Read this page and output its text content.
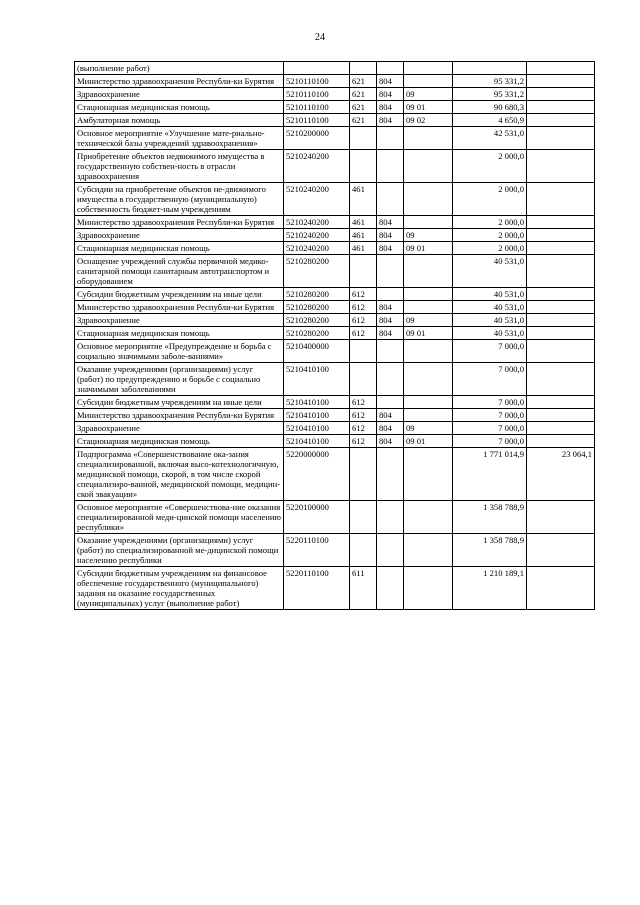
24
(выполнение работ)						
Министерство здравоохранения Республи-ки Бурятия	5210110100	621	804		95 331,2	
Здравоохранение	5210110100	621	804	09	95 331,2	
Стационарная медицинская помощь	5210110100	621	804	09 01	90 680,3	
Амбулаторная помощь	5210110100	621	804	09 02	4 650,9	
Основное мероприятие «Улучшение мате-риально-технической базы учреждений здравоохранения»	5210200000				42 531,0	
Приобретение объектов недвижимого имущества в государственную собствен-ность в отрасли здравоохранения	5210240200				2 000,0	
Субсидии на приобретение объектов не-движимого имущества в государственную (муниципальную) собственность бюджет-ным учреждениям	5210240200	461			2 000,0	
Министерство здравоохранения Республи-ки Бурятия	5210240200	461	804		2 000,0	
Здравоохранение	5210240200	461	804	09	2 000,0	
Стационарная медицинская помощь	5210240200	461	804	09 01	2 000,0	
Оснащение учреждений службы первичной медико-санитарной помощи санитарным автотранспортом и оборудованием	5210280200				40 531,0	
Субсидии бюджетным учреждениям на иные цели	5210280200	612			40 531,0	
Министерство здравоохранения Республи-ки Бурятия	5210280200	612	804		40 531,0	
Здравоохранение	5210280200	612	804	09	40 531,0	
Стационарная медицинская помощь	5210280200	612	804	09 01	40 531,0	
Основное мероприятие «Предупреждение и борьба с социально значимыми заболе-ваниями»	5210400000				7 000,0	
Оказание учреждениями (организациями) услуг (работ) по предупреждению и борьбе с социально значимыми заболеваниями	5210410100				7 000,0	
Субсидии бюджетным учреждениям на иные цели	5210410100	612			7 000,0	
Министерство здравоохранения Республи-ки Бурятия	5210410100	612	804		7 000,0	
Здравоохранение	5210410100	612	804	09	7 000,0	
Стационарная медицинская помощь	5210410100	612	804	09 01	7 000,0	
Подпрограмма «Совершенствование ока-зания специализированной, включая высо-котехнологичную, медицинской помощи, скорой, в том числе скорой специализиро-ванной, медицинской помощи, медицин-ской эвакуации»	5220000000				1 771 014,9	23 064,1
Основное мероприятие «Совершенствова-ние оказания специализированной меди-цинской помощи населению республики»	5220100000				1 358 788,9	
Оказание учреждениями (организациями) услуг (работ) по специализированной ме-дицинской помощи населению республики	5220110100				1 358 788,9	
Субсидии бюджетным учреждениям на финансовое обеспечение государственного (муниципального) задания на оказание государственных (муниципальных) услуг (выполнение работ)	5220110100	611			1 210 189,1	
